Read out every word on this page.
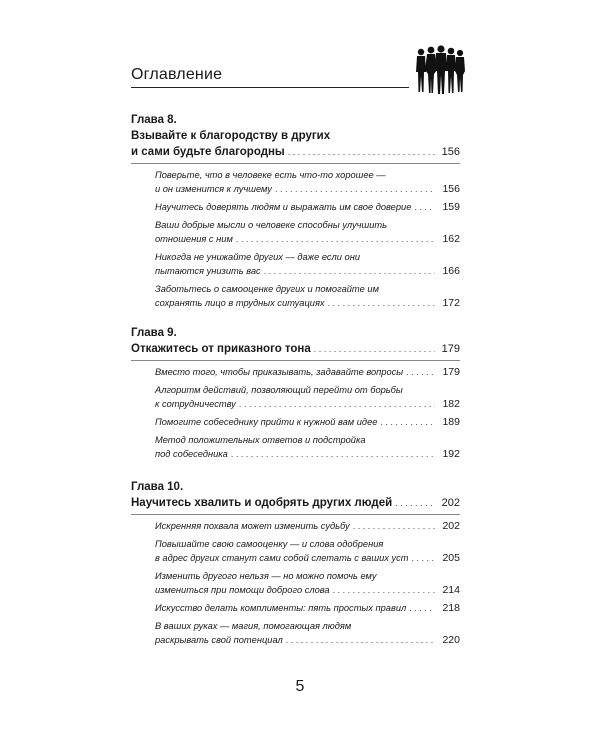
Оглавление
Глава 8.
Взывайте к благородству в других
и сами будьте благородны . . .	156
Поверьте, что в человеке есть что-то хорошее —
и он изменится к лучшему . . .	156
Научитесь доверять людям и выражать им свое доверие . . .	159
Ваши добрые мысли о человеке способны улучшить
отношения с ним . . .	162
Никогда не унижайте других — даже если они
пытаются унизить вас . . .	166
Заботьтесь о самооценке других и помогайте им
сохранять лицо в трудных ситуациях . . .	172
Глава 9.
Откажитесь от приказного тона . . .	179
Вместо того, чтобы приказывать, задавайте вопросы . . .	179
Алгоритм действий, позволяющий перейти от борьбы
к сотрудничеству . . .	182
Помогите собеседнику прийти к нужной вам идее . . .	189
Метод положительных ответов и подстройка
под собеседника . . .	192
Глава 10.
Научитесь хвалить и одобрять других людей . . .	202
Искренняя похвала может изменить судьбу . . .	202
Повышайте свою самооценку — и слова одобрения
в адрес других станут сами собой слетать с ваших уст . . .	205
Изменить другого нельзя — но можно помочь ему
измениться при помощи доброго слова . . .	214
Искусство делать комплименты: пять простых правил . . .	218
В ваших руках — магия, помогающая людям
раскрывать свой потенциал . . .	220
5
